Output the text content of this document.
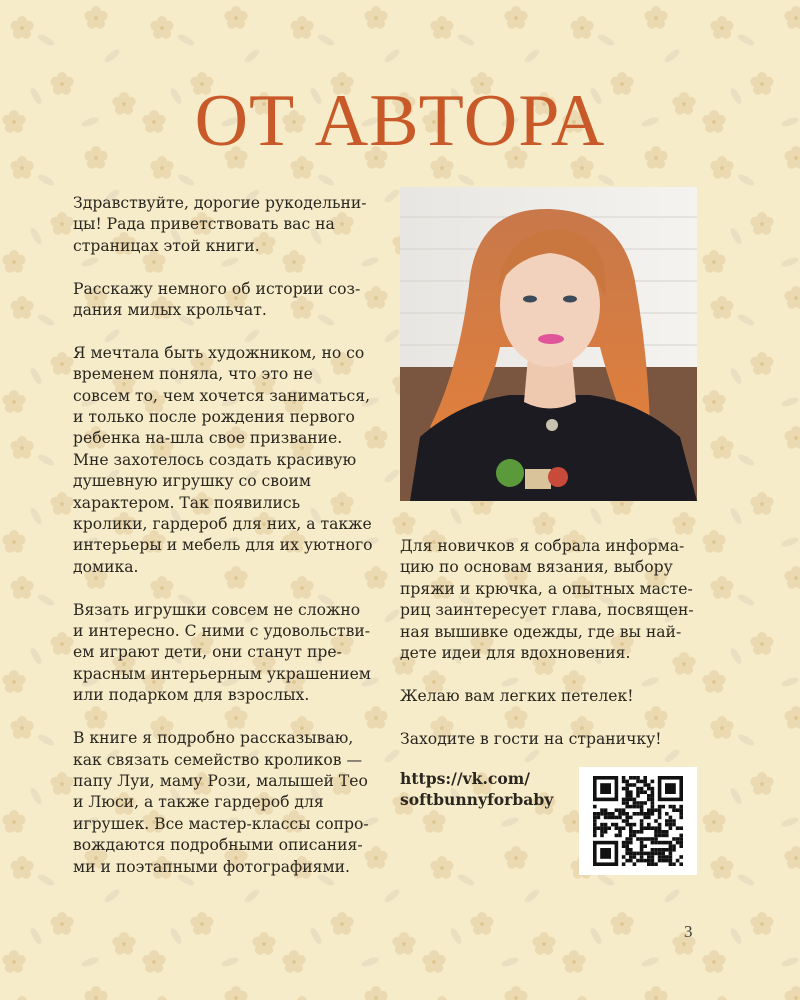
ОТ АВТОРА

Здравствуйте, дорогие рукодельни-цы! Рада приветствовать вас на страницах этой книги.

Расскажу немного об истории соз-дания милых крольчат.

Я мечтала быть художником, но со временем поняла, что это не совсем то, чем хочется заниматься, и только после рождения первого ребенка на-шла свое призвание. Мне захотелось создать красивую душевную игрушку со своим характером. Так появились кролики, гардероб для них, а также интерьеры и мебель для их уютного домика.

Вязать игрушки совсем не сложно и интересно. С ними с удовольстви-ем играют дети, они станут пре-красным интерьерным украшением или подарком для взрослых.

В книге я подробно рассказываю, как связать семейство кроликов — папу Луи, маму Рози, малышей Тео и Люси, а также гардероб для игрушек. Все мастер-классы сопро-вождаются подробными описания-ми и поэтапными фотографиями.

Для новичков я собрала информа-цию по основам вязания, выбору пряжи и крючка, а опытных масте-риц заинтересует глава, посвящен-ная вышивке одежды, где вы най-дете идеи для вдохновения.

Желаю вам легких петелек!

Заходите в гости на страничку!

https://vk.com/
softbunnyforbaby
3
